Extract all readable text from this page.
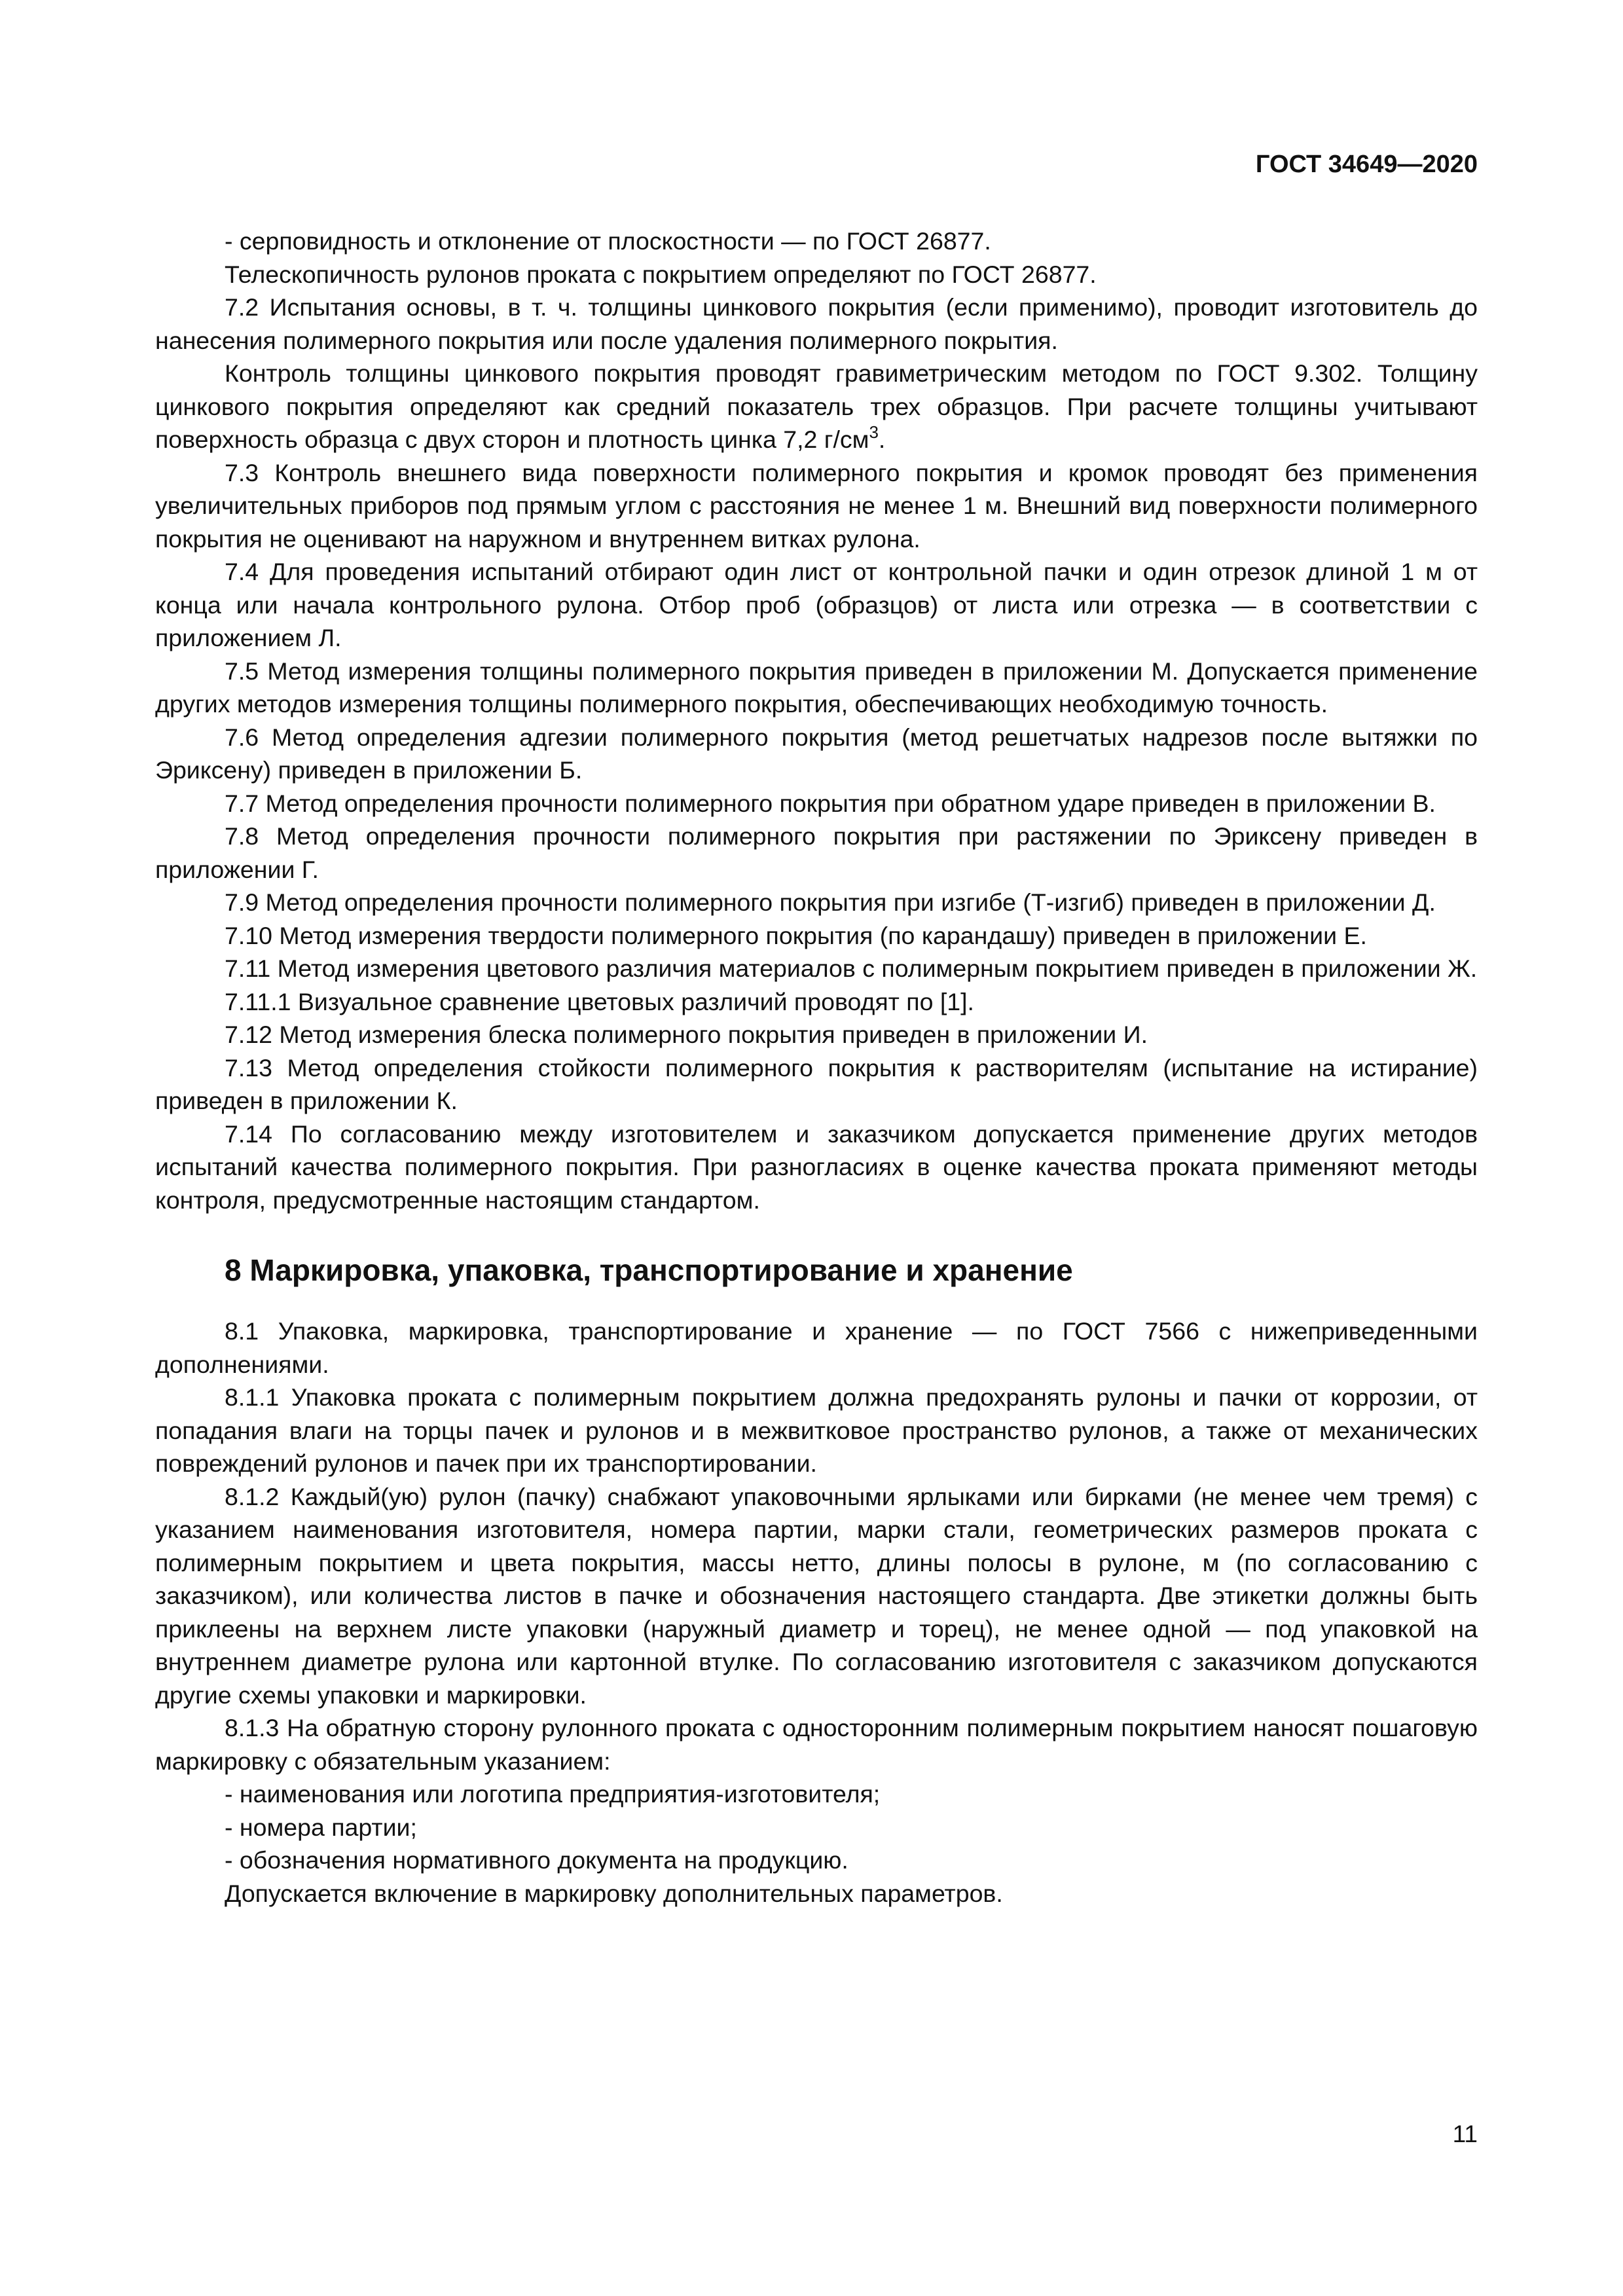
ГОСТ 34649—2020

- серповидность и отклонение от плоскостности — по ГОСТ 26877.

Телескопичность рулонов проката с покрытием определяют по ГОСТ 26877.

7.2 Испытания основы, в т. ч. толщины цинкового покрытия (если применимо), проводит изготовитель до нанесения полимерного покрытия или после удаления полимерного покрытия.

Контроль толщины цинкового покрытия проводят гравиметрическим методом по ГОСТ 9.302. Толщину цинкового покрытия определяют как средний показатель трех образцов. При расчете толщины учитывают поверхность образца с двух сторон и плотность цинка 7,2 $г/см^3$.

7.3 Контроль внешнего вида поверхности полимерного покрытия и кромок проводят без применения увеличительных приборов под прямым углом с расстояния не менее 1 м. Внешний вид поверхности полимерного покрытия не оценивают на наружном и внутреннем витках рулона.

7.4 Для проведения испытаний отбирают один лист от контрольной пачки и один отрезок длиной 1 м от конца или начала контрольного рулона. Отбор проб (образцов) от листа или отрезка — в соответствии с приложением Л.

7.5 Метод измерения толщины полимерного покрытия приведен в приложении М. Допускается применение других методов измерения толщины полимерного покрытия, обеспечивающих необходимую точность.

7.6 Метод определения адгезии полимерного покрытия (метод решетчатых надрезов после вытяжки по Эриксену) приведен в приложении Б.

7.7 Метод определения прочности полимерного покрытия при обратном ударе приведен в приложении В.

7.8 Метод определения прочности полимерного покрытия при растяжении по Эриксену приведен в приложении Г.

7.9 Метод определения прочности полимерного покрытия при изгибе (Т-изгиб) приведен в приложении Д.

7.10 Метод измерения твердости полимерного покрытия (по карандашу) приведен в приложении Е.

7.11 Метод измерения цветового различия материалов с полимерным покрытием приведен в приложении Ж.

7.11.1 Визуальное сравнение цветовых различий проводят по [1].

7.12 Метод измерения блеска полимерного покрытия приведен в приложении И.

7.13 Метод определения стойкости полимерного покрытия к растворителям (испытание на истирание) приведен в приложении К.

7.14 По согласованию между изготовителем и заказчиком допускается применение других методов испытаний качества полимерного покрытия. При разногласиях в оценке качества проката применяют методы контроля, предусмотренные настоящим стандартом.

8 Маркировка, упаковка, транспортирование и хранение

8.1 Упаковка, маркировка, транспортирование и хранение — по ГОСТ 7566 с нижеприведенными дополнениями.

8.1.1 Упаковка проката с полимерным покрытием должна предохранять рулоны и пачки от коррозии, от попадания влаги на торцы пачек и рулонов и в межвитковое пространство рулонов, а также от механических повреждений рулонов и пачек при их транспортировании.

8.1.2 Каждый(ую) рулон (пачку) снабжают упаковочными ярлыками или бирками (не менее чем тремя) с указанием наименования изготовителя, номера партии, марки стали, геометрических размеров проката с полимерным покрытием и цвета покрытия, массы нетто, длины полосы в рулоне, м (по согласованию с заказчиком), или количества листов в пачке и обозначения настоящего стандарта. Две этикетки должны быть приклеены на верхнем листе упаковки (наружный диаметр и торец), не менее одной — под упаковкой на внутреннем диаметре рулона или картонной втулке. По согласованию изготовителя с заказчиком допускаются другие схемы упаковки и маркировки.

8.1.3 На обратную сторону рулонного проката с односторонним полимерным покрытием наносят пошаговую маркировку с обязательным указанием:

- наименования или логотипа предприятия-изготовителя;

- номера партии;

- обозначения нормативного документа на продукцию.

Допускается включение в маркировку дополнительных параметров.

11
